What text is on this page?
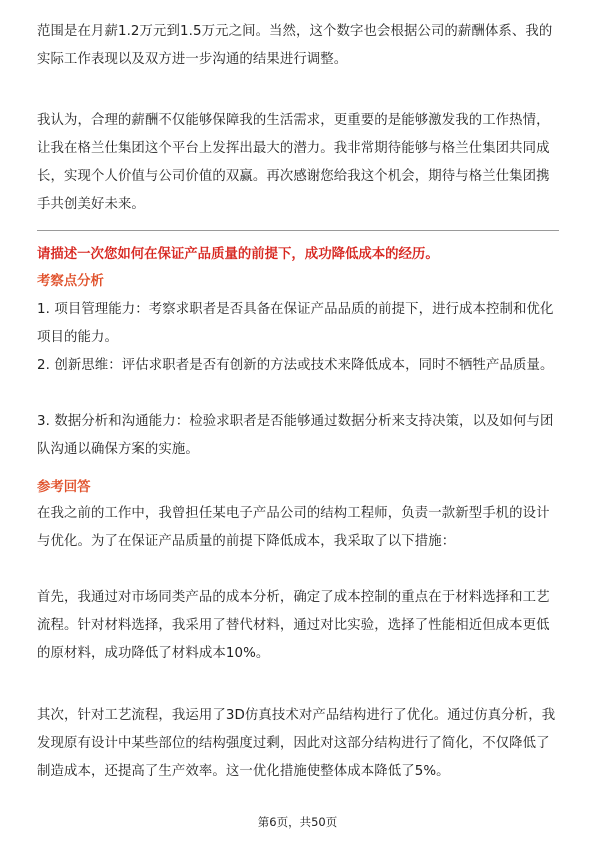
范围是在月薪1.2万元到1.5万元之间。当然，这个数字也会根据公司的薪酬体系、我的实际工作表现以及双方进一步沟通的结果进行调整。

我认为，合理的薪酬不仅能够保障我的生活需求，更重要的是能够激发我的工作热情，让我在格兰仕集团这个平台上发挥出最大的潜力。我非常期待能够与格兰仕集团共同成长，实现个人价值与公司价值的双赢。再次感谢您给我这个机会，期待与格兰仕集团携手共创美好未来。

请描述一次您如何在保证产品质量的前提下，成功降低成本的经历。

考察点分析

1. 项目管理能力：考察求职者是否具备在保证产品品质的前提下，进行成本控制和优化项目的能力。

2. 创新思维：评估求职者是否有创新的方法或技术来降低成本，同时不牺牲产品质量。

3. 数据分析和沟通能力：检验求职者是否能够通过数据分析来支持决策，以及如何与团队沟通以确保方案的实施。

参考回答

在我之前的工作中，我曾担任某电子产品公司的结构工程师，负责一款新型手机的设计与优化。为了在保证产品质量的前提下降低成本，我采取了以下措施：

首先，我通过对市场同类产品的成本分析，确定了成本控制的重点在于材料选择和工艺流程。针对材料选择，我采用了替代材料，通过对比实验，选择了性能相近但成本更低的原材料，成功降低了材料成本10%。

其次，针对工艺流程，我运用了3D仿真技术对产品结构进行了优化。通过仿真分析，我发现原有设计中某些部位的结构强度过剩，因此对这部分结构进行了简化，不仅降低了制造成本，还提高了生产效率。这一优化措施使整体成本降低了5%。

第6页，共50页
